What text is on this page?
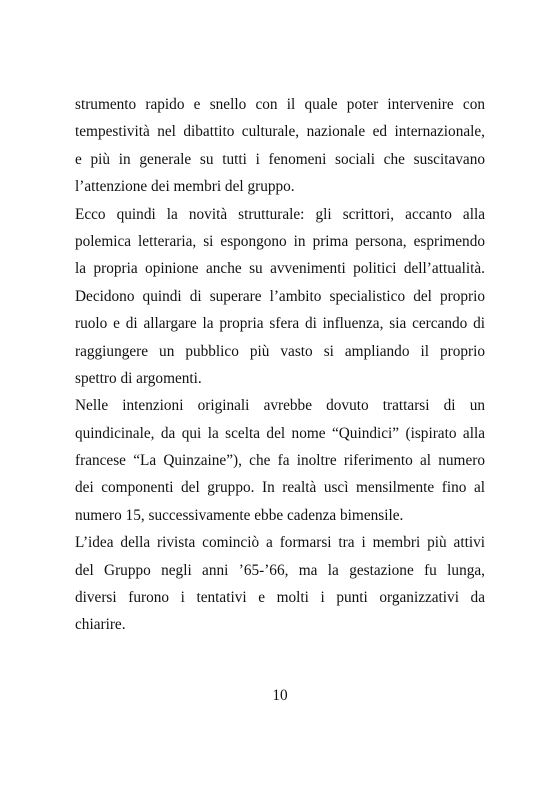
strumento rapido e snello con il quale poter intervenire con
tempestività nel dibattito culturale, nazionale ed internazionale,
e più in generale su tutti i fenomeni sociali che suscitavano
l’attenzione dei membri del gruppo.
Ecco quindi la novità strutturale: gli scrittori, accanto alla
polemica letteraria, si espongono in prima persona, esprimendo
la propria opinione anche su avvenimenti politici dell’attualità.
Decidono quindi di superare l’ambito specialistico del proprio
ruolo e di allargare la propria sfera di influenza, sia cercando di
raggiungere un pubblico più vasto si ampliando il proprio
spettro di argomenti.
Nelle intenzioni originali avrebbe dovuto trattarsi di un
quindicinale, da qui la scelta del nome “Quindici” (ispirato alla
francese “La Quinzaine”), che fa inoltre riferimento al numero
dei componenti del gruppo. In realtà uscì mensilmente fino al
numero 15, successivamente ebbe cadenza bimensile.
L’idea della rivista cominciò a formarsi tra i membri più attivi
del Gruppo negli anni ’65-’66, ma la gestazione fu lunga,
diversi furono i tentativi e molti i punti organizzativi da
chiarire.
10
